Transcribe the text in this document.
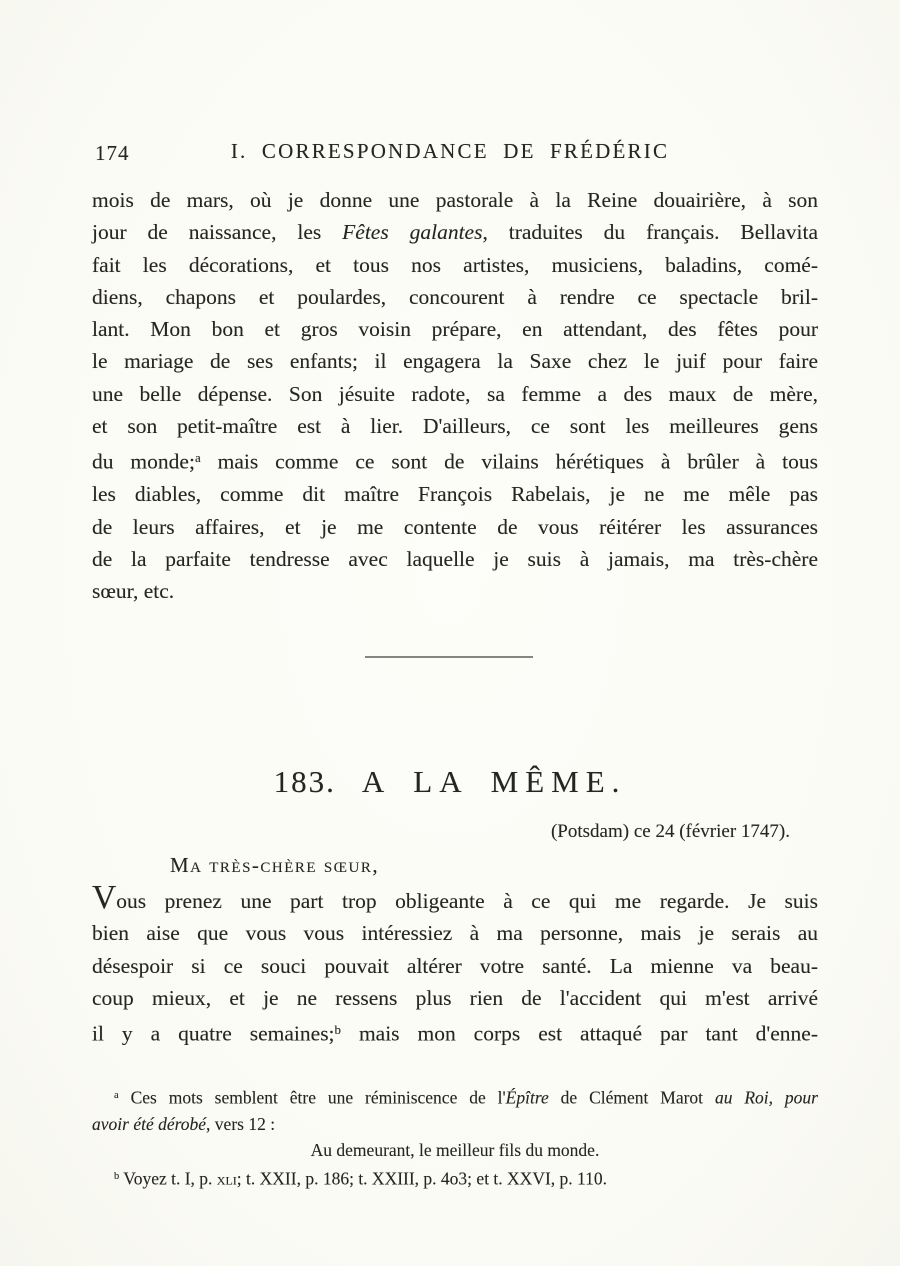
174	I. CORRESPONDANCE DE FRÉDÉRIC
mois de mars, où je donne une pastorale à la Reine douairière, à son
jour de naissance, les Fêtes galantes, traduites du français. Bellavita
fait les décorations, et tous nos artistes, musiciens, baladins, comé-
diens, chapons et poulardes, concourent à rendre ce spectacle bril-
lant. Mon bon et gros voisin prépare, en attendant, des fêtes pour
le mariage de ses enfants; il engagera la Saxe chez le juif pour faire
une belle dépense. Son jésuite radote, sa femme a des maux de mère,
et son petit-maître est à lier. D'ailleurs, ce sont les meilleures gens
du monde;$^a$ mais comme ce sont de vilains hérétiques à brûler à tous
les diables, comme dit maître François Rabelais, je ne me mêle pas
de leurs affaires, et je me contente de vous réitérer les assurances
de la parfaite tendresse avec laquelle je suis à jamais, ma très-chère
sœur, etc.
183. A LA MÊME.
(Potsdam) ce 24 (février 1747).
Ma très-chère sœur,
Vous prenez une part trop obligeante à ce qui me regarde. Je suis
bien aise que vous vous intéressiez à ma personne, mais je serais au
désespoir si ce souci pouvait altérer votre santé. La mienne va beau-
coup mieux, et je ne ressens plus rien de l'accident qui m'est arrivé
il y a quatre semaines;$^b$ mais mon corps est attaqué par tant d'enne-
$^a$ Ces mots semblent être une réminiscence de l'Épître de Clément Marot au Roi, pour
avoir été dérobé, vers 12 :
Au demeurant, le meilleur fils du monde.
$^b$ Voyez t. I, p. xli; t. XXII, p. 186; t. XXIII, p. 4o3; et t. XXVI, p. 110.
